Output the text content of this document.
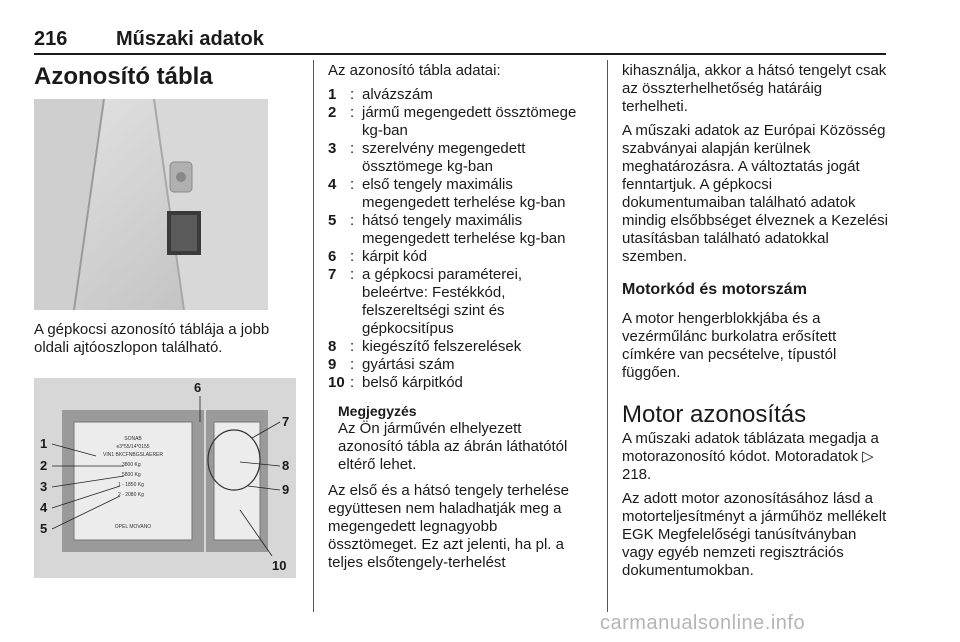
216 Műszaki adatok
Azonosító tábla

A gépkocsi azonosító táblája a jobb oldali ajtóoszlopon található.

SONAB
e3*55/14*0155
VIN1 BKCFNBGSLAERER
3800 Kg
5800 Kg
1 - 1850 Kg
2 - 2080 Kg
OPEL MOVANO
1
2
3
4
5
6
7
8
9
10

Az azonosító tábla adatai:

1 : alvázszám
2 : jármű megengedett össztömege kg-ban
3 : szerelvény megengedett össztömege kg-ban
4 : első tengely maximális megengedett terhelése kg-ban
5 : hátsó tengely maximális megengedett terhelése kg-ban
6 : kárpit kód
7 : a gépkocsi paraméterei, beleértve: Festékkód, felszereltségi szint és gépkocsitípus
8 : kiegészítő felszerelések
9 : gyártási szám
10 : belső kárpitkód
Megjegyzés

Az Ön járművén elhelyezett azonosító tábla az ábrán láthatótól eltérő lehet.

Az első és a hátsó tengely terhelése együttesen nem haladhatják meg a megengedett legnagyobb össztömeget. Ez azt jelenti, ha pl. a teljes elsőtengely-terhelést

kihasználja, akkor a hátsó tengelyt csak az összterhelhetőség határáig terhelheti.

A műszaki adatok az Európai Közösség szabványai alapján kerülnek meghatározásra. A változtatás jogát fenntartjuk. A gépkocsi dokumentumaiban található adatok mindig elsőbbséget élveznek a Kezelési utasításban található adatokkal szemben.

Motorkód és motorszám

A motor hengerblokkjába és a vezérműlánc burkolatra erősített címkére van pecsételve, típustól függően.

Motor azonosítás

A műszaki adatok táblázata megadja a motorazonosító kódot. Motoradatok ▷ 218.

Az adott motor azonosításához lásd a motorteljesítményt a járműhöz mellékelt EGK Megfelelőségi tanúsítványban vagy egyéb nemzeti regisztrációs dokumentumokban.

carmanualsonline.info
